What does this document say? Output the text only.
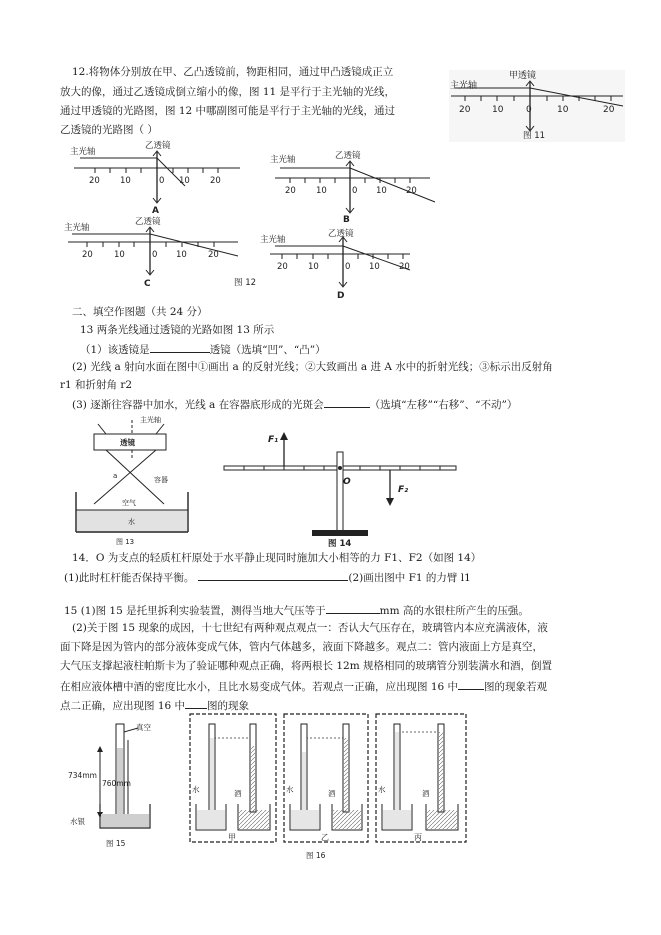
12.将物体分别放在甲、乙凸透镜前，物距相同，通过甲凸透镜成正立
放大的像，通过乙透镜成倒立缩小的像，图 11 是平行于主光轴的光线，
通过甲透镜的光路图，图 12 中哪副图可能是平行于主光轴的光线，通过
乙透镜的光路图（ ）
主光轴
甲透镜
20 10	0	10	20
图 11
主光轴
乙透镜
20 10	0 10 20
A
主光轴	乙透镜
20 10	0 10 20
B
主光轴
乙透镜
20 10	0 10 20
C
主光轴
乙透镜
20 10	0 10 20
D
图 12
二、填空作图题（共 24 分）
13 两条光线通过透镜的光路如图 13 所示
（1）该透镜是	透镜（选填“凹”、“凸”）
(2) 光线 a 射向水面在图中①画出 a 的反射光线；②大致画出 a 进 A 水中的折射光线；③标示出反射角
r1 和折射角 r2
(3) 逐渐往容器中加水，光线 a 在容器底形成的光斑会	（选填“左移”“右移”、“不动”）
主光轴
透镜
a	容器
空气
水
图 13
O
F₁
F₂
图 14
14．O 为支点的轻质杠杆原处于水平静止现同时施加大小相等的力 F1、F2（如图 14）
(1)此时杠杆能否保持平衡。	(2)画出图中 F1 的力臂 l1
15 (1)图 15 是托里拆利实验装置，测得当地大气压等于	mm 高的水银柱所产生的压强。
(2)关于图 15 现象的成因，十七世纪有两种观点观点一：否认大气压存在，玻璃管内本应充满液体，液
面下降是因为管内的部分液体变成气体，管内气体越多，液面下降越多。观点二：管内液面上方是真空，
大气压支撑起液柱帕斯卡为了验证哪种观点正确，将两根长 12m 规格相同的玻璃管分别装满水和酒，倒置
在相应液体槽中酒的密度比水小，且比水易变成气体。若观点一正确，应出现图 16 中 图的现象若观
点二正确，应出现图 16 中 图的现象
真空
734mm
760mm
水银
图 15
水	酒
甲
水	酒
乙
水	酒
丙
图 16
